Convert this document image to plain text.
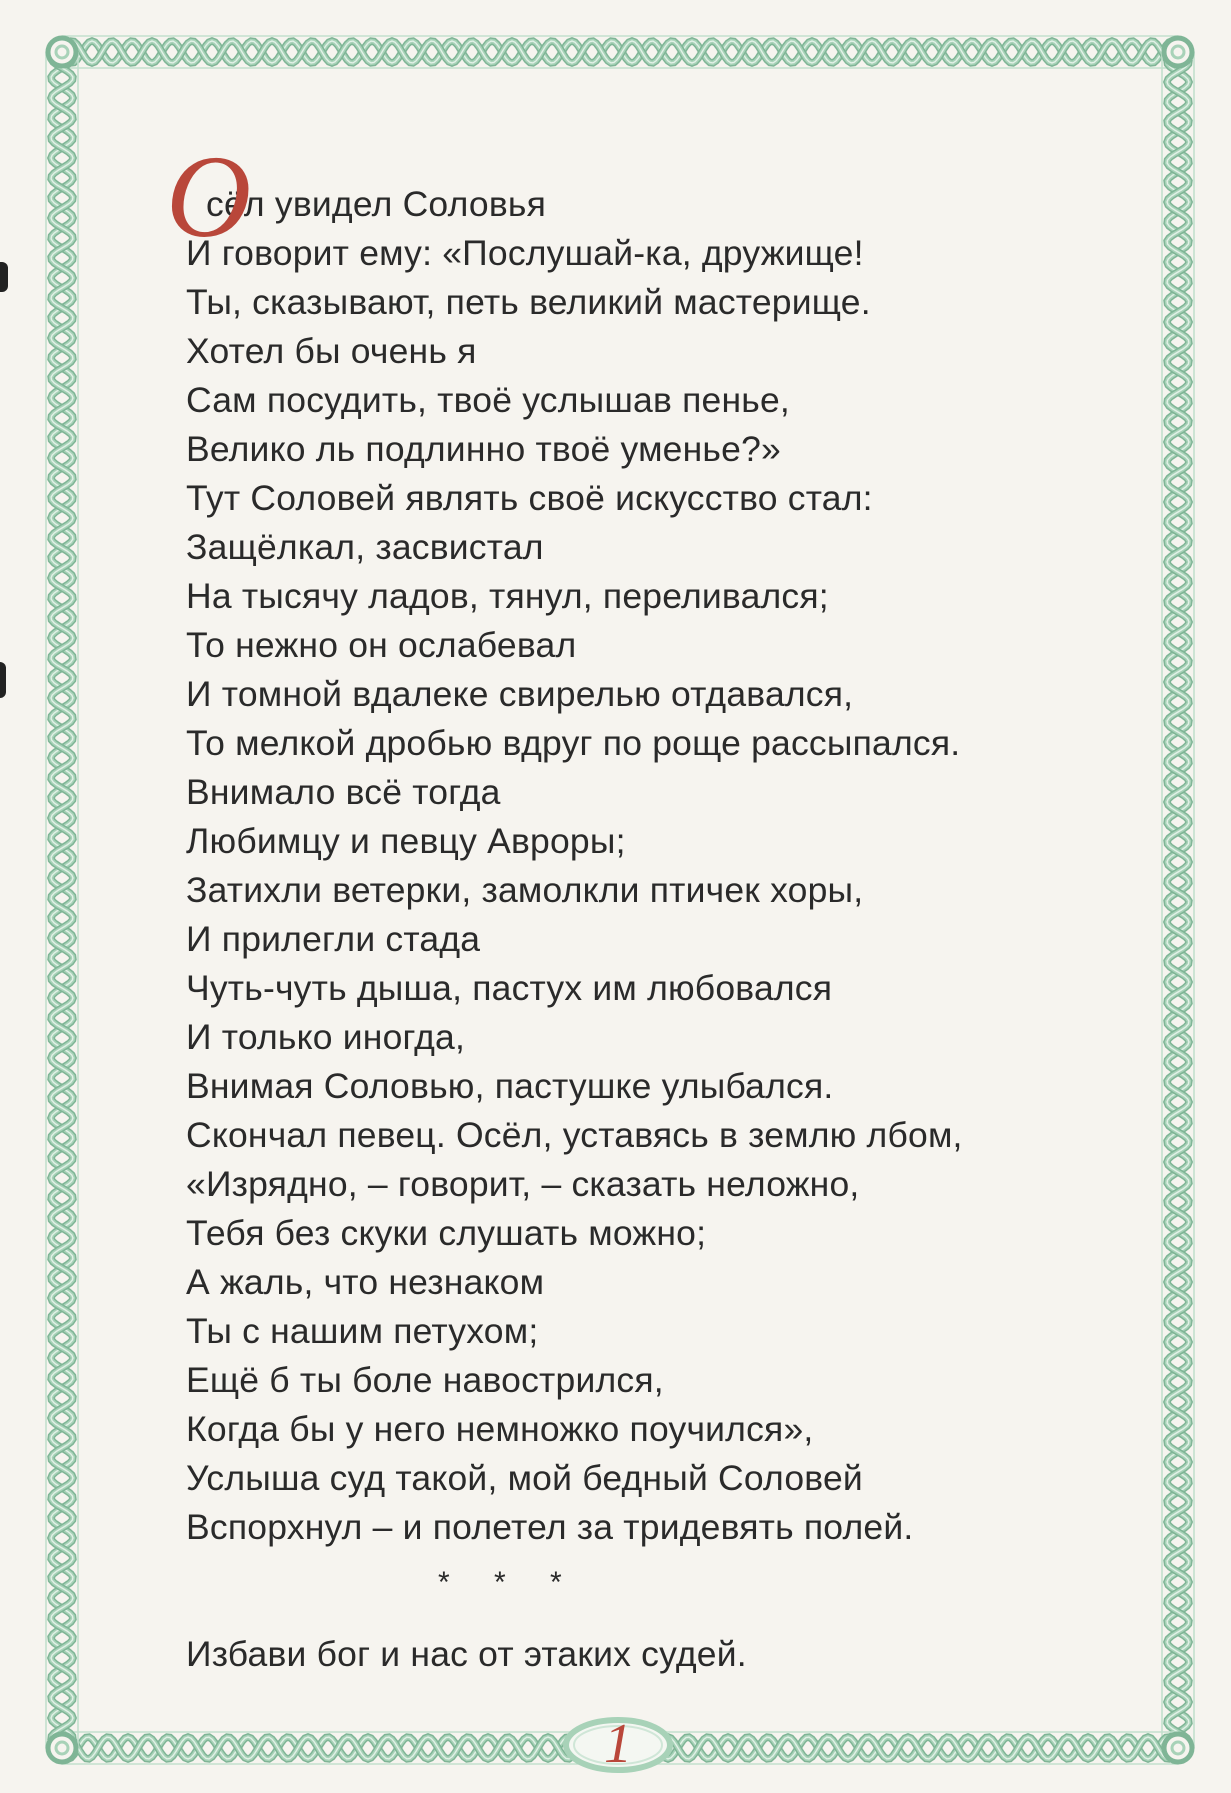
О
сёл увидел Соловья
И говорит ему: «Послушай-ка, дружище!
Ты, сказывают, петь великий мастерище.
Хотел бы очень я
Сам посудить, твоё услышав пенье,
Велико ль подлинно твоё уменье?»
Тут Соловей являть своё искусство стал:
Защёлкал, засвистал
На тысячу ладов, тянул, переливался;
То нежно он ослабевал
И томной вдалеке свирелью отдавался,
То мелкой дробью вдруг по роще рассыпался.
Внимало всё тогда
Любимцу и певцу Авроры;
Затихли ветерки, замолкли птичек хоры,
И прилегли стада
Чуть-чуть дыша, пастух им любовался
И только иногда,
Внимая Соловью, пастушке улыбался.
Скончал певец. Осёл, уставясь в землю лбом,
«Изрядно, – говорит, – сказать неложно,
Тебя без скуки слушать можно;
А жаль, что незнаком
Ты с нашим петухом;
Ещё б ты боле навострился,
Когда бы у него немножко поучился»,
Услыша суд такой, мой бедный Соловей
Вспорхнул – и полетел за тридевять полей.
* * *
Избави бог и нас от этаких судей.
1
